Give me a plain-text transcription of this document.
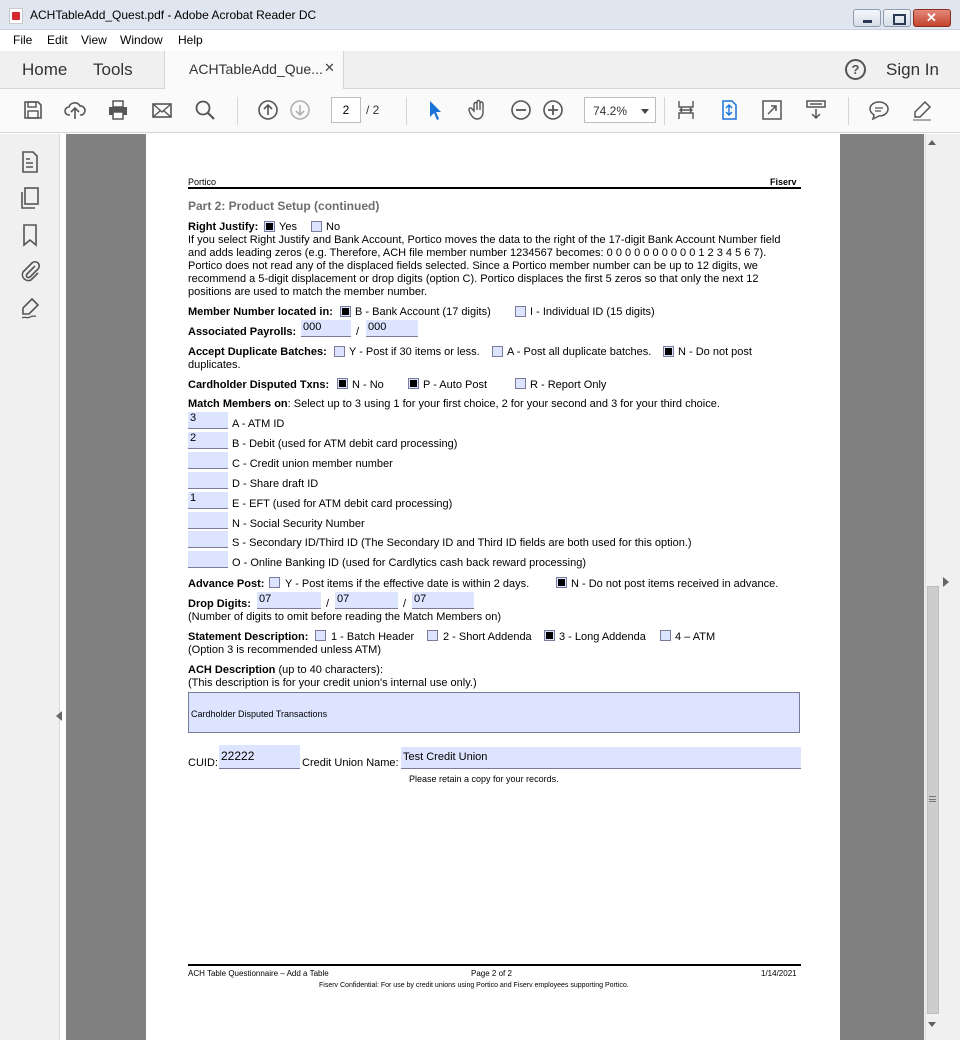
ACHTableAdd_Quest.pdf - Adobe Acrobat Reader DC
✕
File Edit View Window Help
Home Tools	ACHTableAdd_Que... ✕	?	Sign In
2	/ 2	74.2%
Portico	Fiserv
Part 2: Product Setup (continued)
Right Justify: Yes	No
If you select Right Justify and Bank Account, Portico moves the data to the right of the 17-digit Bank Account Number field
and adds leading zeros (e.g. Therefore, ACH file member number 1234567 becomes: 0 0 0 0 0 0 0 0 0 0 1 2 3 4 5 6 7).
Portico does not read any of the displaced fields selected. Since a Portico member number can be up to 12 digits, we
recommend a 5-digit displacement or drop digits (option C). Portico displaces the first 5 zeros so that only the next 12
positions are used to match the member number.
Member Number located in: B - Bank Account (17 digits)	I - Individual ID (15 digits)
Associated Payrolls: 000	/ 000
Accept Duplicate Batches: Y - Post if 30 items or less. A - Post all duplicate batches. N - Do not post
duplicates.
Cardholder Disputed Txns: N - No	P - Auto Post	R - Report Only
Match Members on: Select up to 3 using 1 for your first choice, 2 for your second and 3 for your third choice.
3	A - ATM ID
2	B - Debit (used for ATM debit card processing)
C - Credit union member number
D - Share draft ID
1	E - EFT (used for ATM debit card processing)
N - Social Security Number
S - Secondary ID/Third ID (The Secondary ID and Third ID fields are both used for this option.)
O - Online Banking ID (used for Cardlytics cash back reward processing)
Advance Post: Y - Post items if the effective date is within 2 days.	N - Do not post items received in advance.
Drop Digits: 07	/ 07	/ 07
(Number of digits to omit before reading the Match Members on)
Statement Description: 1 - Batch Header	2 - Short Addenda 3 - Long Addenda	4 – ATM
(Option 3 is recommended unless ATM)
ACH Description (up to 40 characters):
(This description is for your credit union's internal use only.)
Cardholder Disputed Transactions
CUID: 22222	Credit Union Name: Test Credit Union
Please retain a copy for your records.
ACH Table Questionnaire – Add a Table	Page 2 of 2	1/14/2021
Fiserv Confidential: For use by credit unions using Portico and Fiserv employees supporting Portico.
